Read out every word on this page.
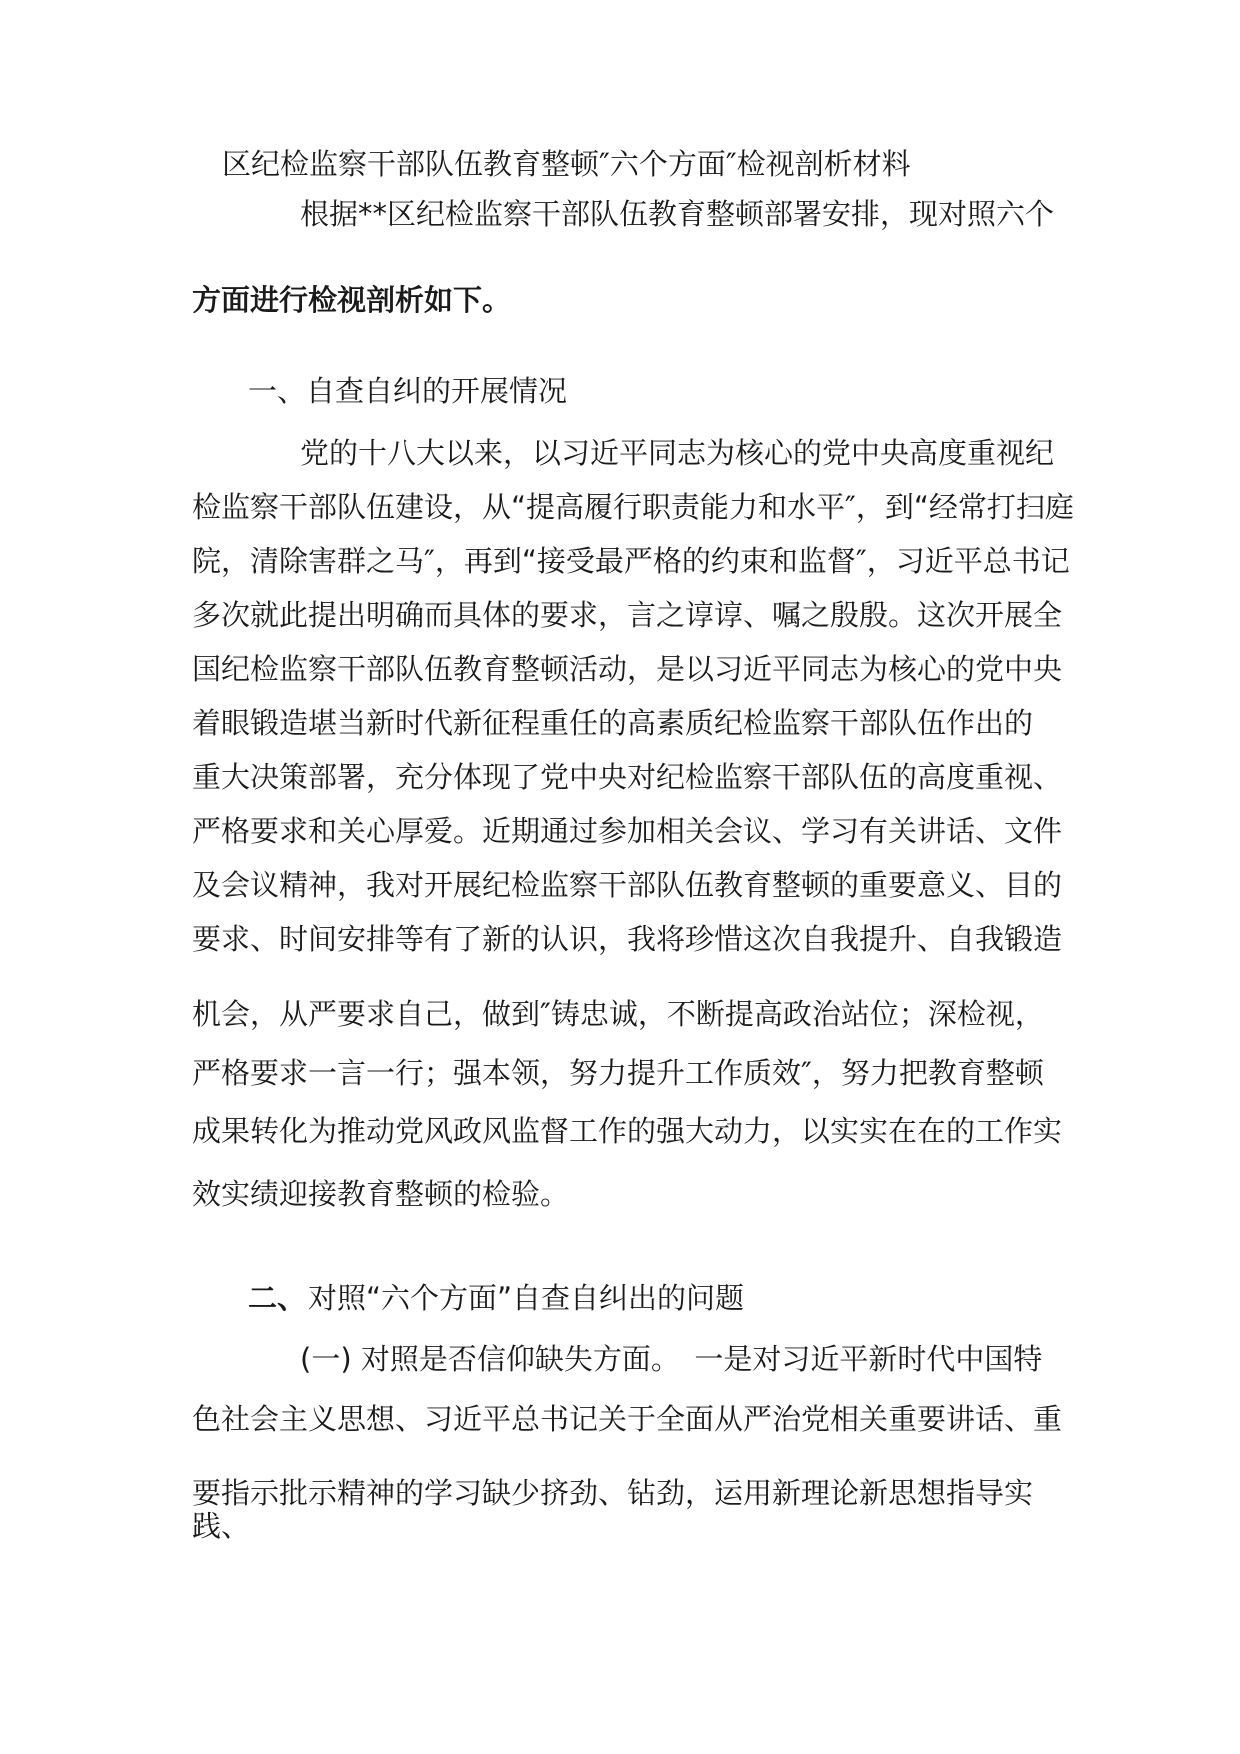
区纪检监察干部队伍教育整顿″六个方面″检视剖析材料

根据**区纪检监察干部队伍教育整顿部署安排，现对照六个

方面进行检视剖析如下。

一、自查自纠的开展情况

党的十八大以来，以习近平同志为核心的党中央高度重视纪

检监察干部队伍建设，从“提高履行职责能力和水平″，到“经常打扫庭

院，清除害群之马″，再到“接受最严格的约束和监督″，习近平总书记

多次就此提出明确而具体的要求，言之谆谆、嘱之殷殷。这次开展全

国纪检监察干部队伍教育整顿活动，是以习近平同志为核心的党中央

着眼锻造堪当新时代新征程重任的高素质纪检监察干部队伍作出的

重大决策部署，充分体现了党中央对纪检监察干部队伍的高度重视、

严格要求和关心厚爱。近期通过参加相关会议、学习有关讲话、文件

及会议精神，我对开展纪检监察干部队伍教育整顿的重要意义、目的

要求、时间安排等有了新的认识，我将珍惜这次自我提升、自我锻造

机会，从严要求自己，做到″铸忠诚，不断提高政治站位；深检视，

严格要求一言一行；强本领，努力提升工作质效″，努力把教育整顿

成果转化为推动党风政风监督工作的强大动力，以实实在在的工作实

效实绩迎接教育整顿的检验。

二、对照“六个方面”自查自纠出的问题

(一) 对照是否信仰缺失方面。　一是对习近平新时代中国特

色社会主义思想、习近平总书记关于全面从严治党相关重要讲话、重

要指示批示精神的学习缺少挤劲、钻劲，运用新理论新思想指导实

践、
